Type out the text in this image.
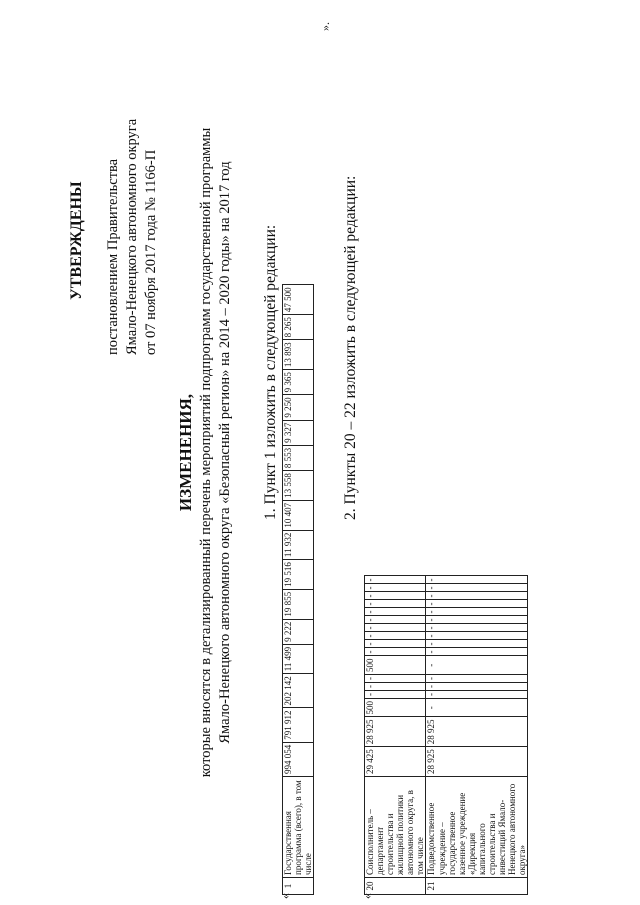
УТВЕРЖДЕНЫ постановлением Правительства Ямало-Ненецкого автономного округа от 07 ноября 2017 года № 1166-П
ИЗМЕНЕНИЯ, которые вносятся в детализированный перечень мероприятий подпрограмм государственной программы Ямало-Ненецкого автономного округа «Безопасный регион» на 2014 – 2020 годы» на 2017 год 1. Пункт 1 изложить в следующей редакции:
«
1	Государственная программа (всего), в том числе	994 054	791 912	202 142	11 499	9 222	19 855	19 516	11 932	10 407	13 558	8 553	9 327	9 250	9 365	13 893	8 265	47 500
».
2. Пункты 20 – 22 изложить в следующей редакции:
«
20	Соисполнитель – департамент строительства и жилищной политики автономного округа, в том числе	29 425	28 925	500	-	-	-	500	-	-	-	-	-	-	-	-	-	-
21	Подведомственное учреждение – государственное казенное учреждение «Дирекция капитального строительства и инвестиций Ямало-Ненецкого автономного округа»	28 925	28 925	-	-	-	-	-	-	-	-	-	-	-	-	-	-	-
